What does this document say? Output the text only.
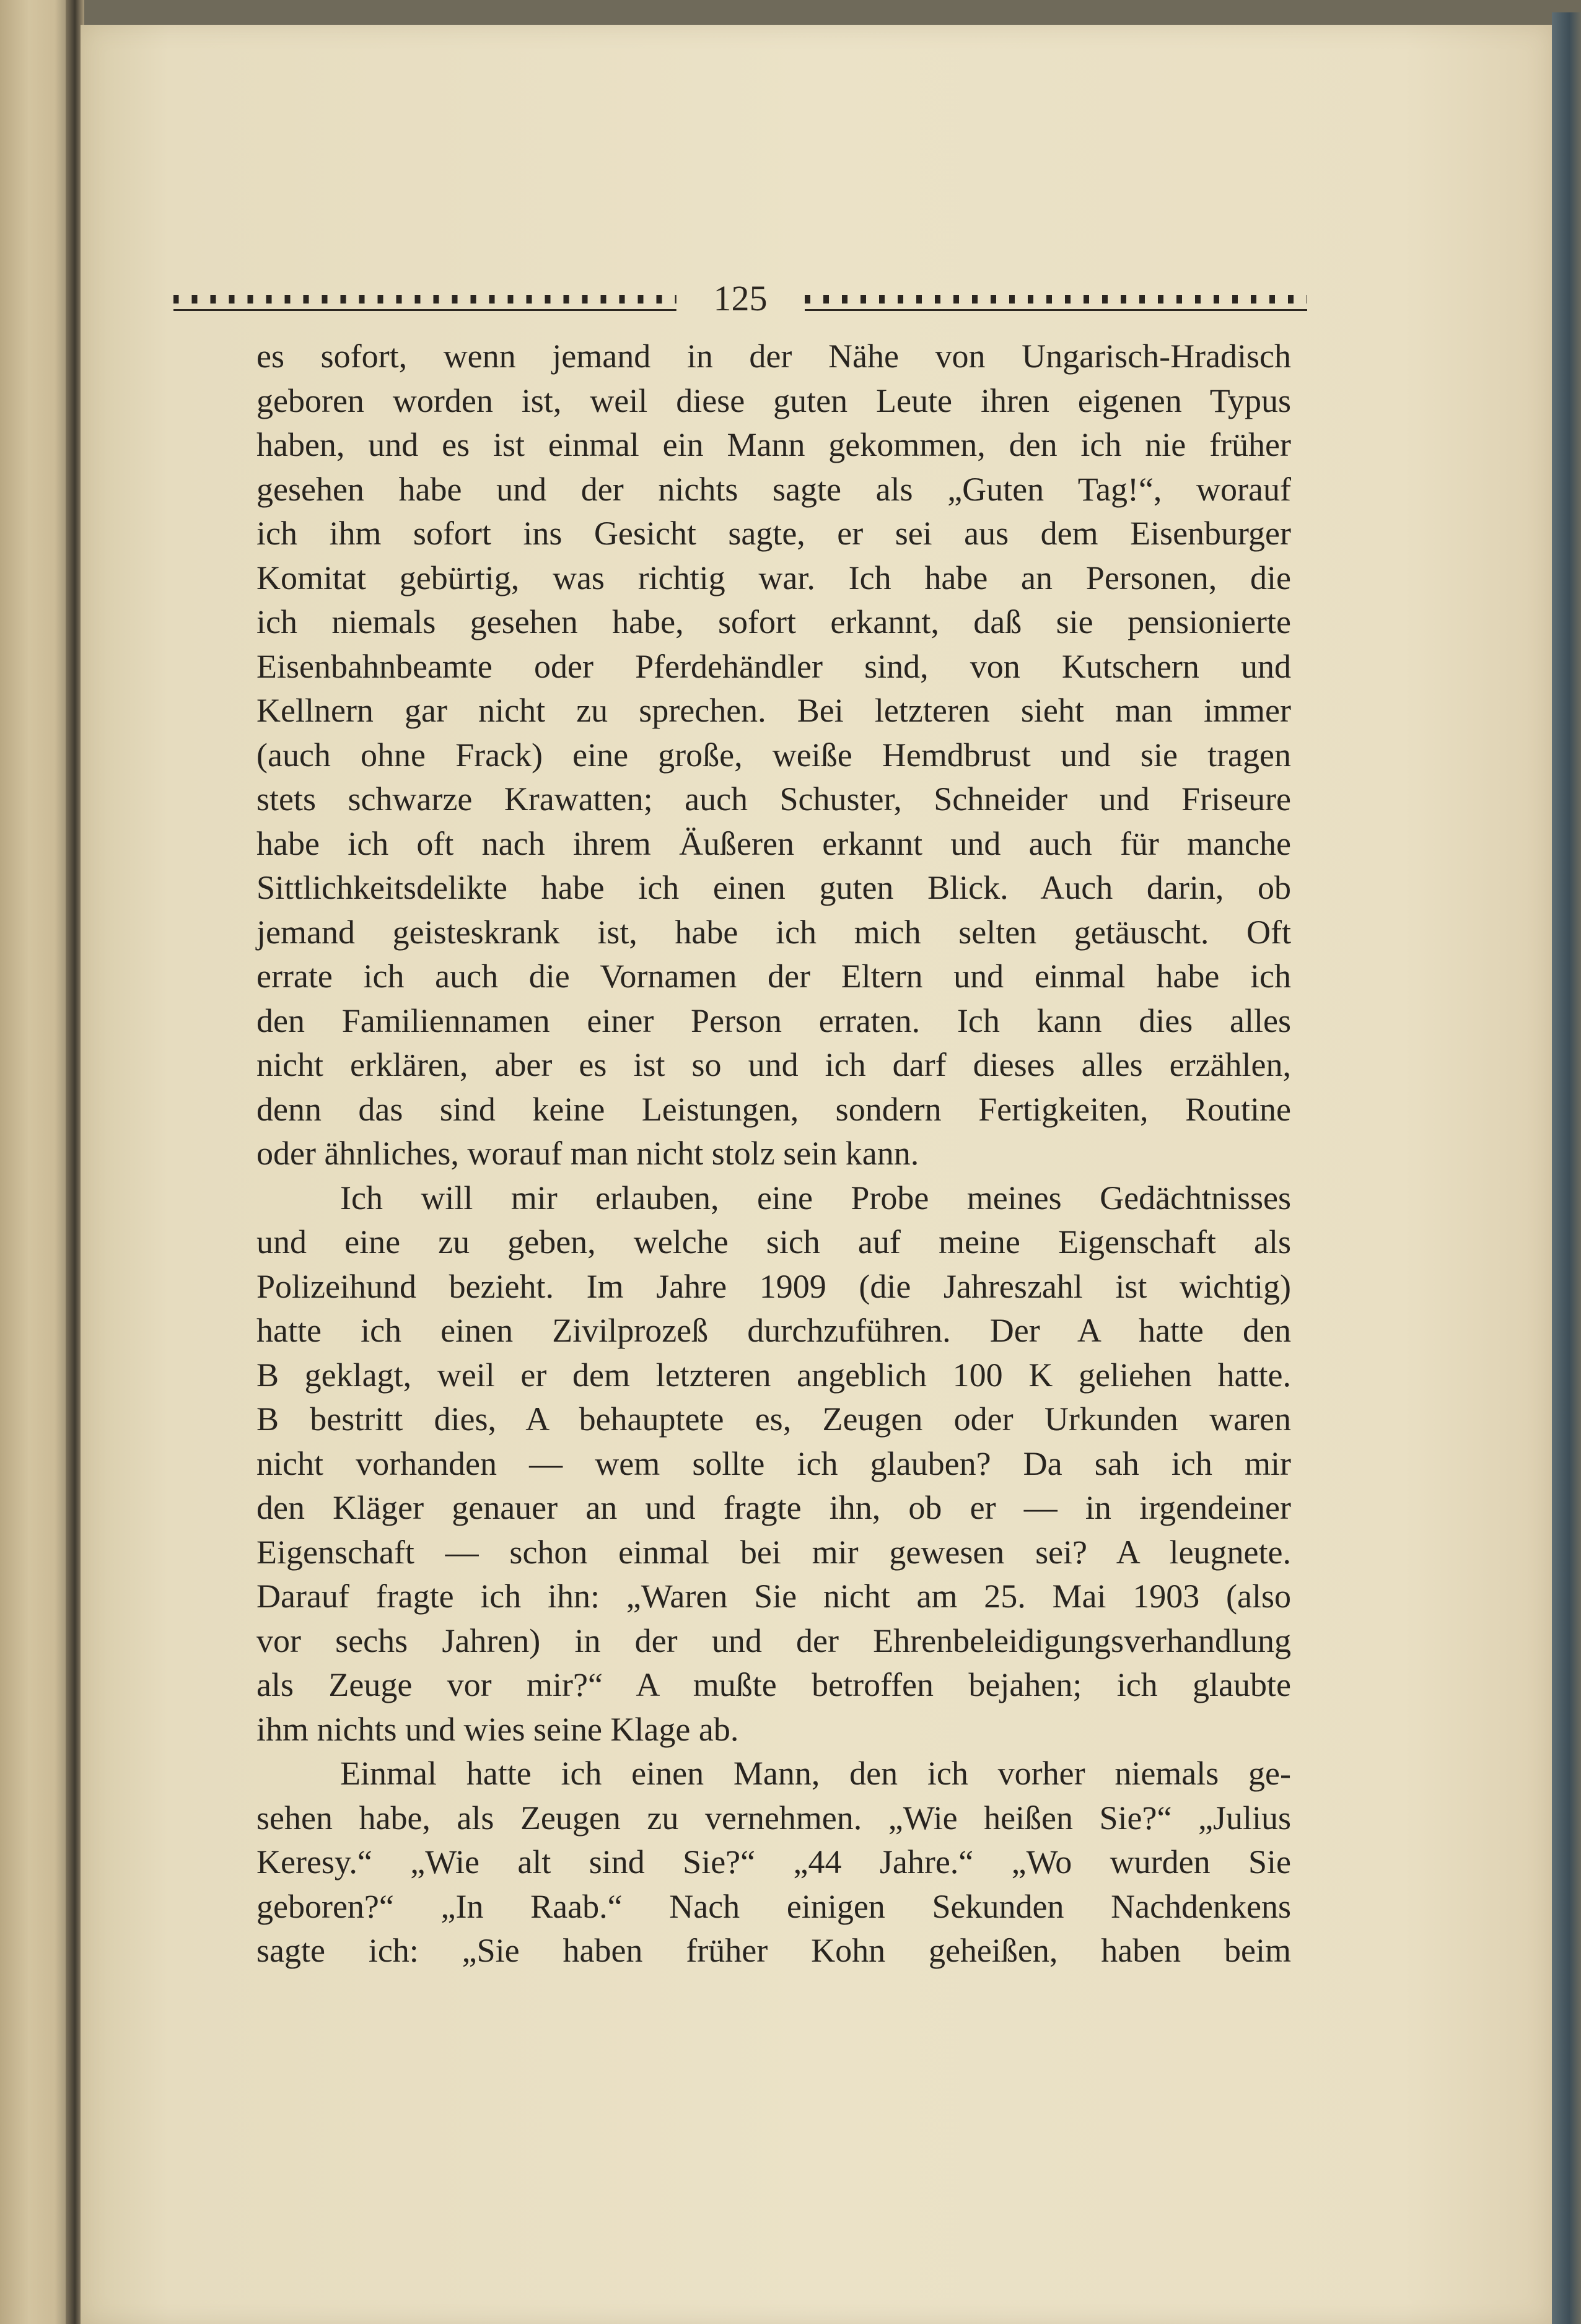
125
es sofort, wenn jemand in der Nähe von Ungarisch-Hradisch
geboren worden ist, weil diese guten Leute ihren eigenen Typus
haben, und es ist einmal ein Mann gekommen, den ich nie früher
gesehen habe und der nichts sagte als „Guten Tag!“, worauf
ich ihm sofort ins Gesicht sagte, er sei aus dem Eisenburger
Komitat gebürtig, was richtig war. Ich habe an Personen, die
ich niemals gesehen habe, sofort erkannt, daß sie pensionierte
Eisenbahnbeamte oder Pferdehändler sind, von Kutschern und
Kellnern gar nicht zu sprechen. Bei letzteren sieht man immer
(auch ohne Frack) eine große, weiße Hemdbrust und sie tragen
stets schwarze Krawatten; auch Schuster, Schneider und Friseure
habe ich oft nach ihrem Äußeren erkannt und auch für manche
Sittlichkeitsdelikte habe ich einen guten Blick. Auch darin, ob
jemand geisteskrank ist, habe ich mich selten getäuscht. Oft
errate ich auch die Vornamen der Eltern und einmal habe ich
den Familiennamen einer Person erraten. Ich kann dies alles
nicht erklären, aber es ist so und ich darf dieses alles erzählen,
denn das sind keine Leistungen, sondern Fertigkeiten, Routine
oder ähnliches, worauf man nicht stolz sein kann.
Ich will mir erlauben, eine Probe meines Gedächtnisses
und eine zu geben, welche sich auf meine Eigenschaft als
Polizeihund bezieht. Im Jahre 1909 (die Jahreszahl ist wichtig)
hatte ich einen Zivilprozeß durchzuführen. Der A hatte den
B geklagt, weil er dem letzteren angeblich 100 K geliehen hatte.
B bestritt dies, A behauptete es, Zeugen oder Urkunden waren
nicht vorhanden — wem sollte ich glauben? Da sah ich mir
den Kläger genauer an und fragte ihn, ob er — in irgendeiner
Eigenschaft — schon einmal bei mir gewesen sei? A leugnete.
Darauf fragte ich ihn: „Waren Sie nicht am 25. Mai 1903 (also
vor sechs Jahren) in der und der Ehrenbeleidigungsverhandlung
als Zeuge vor mir?“ A mußte betroffen bejahen; ich glaubte
ihm nichts und wies seine Klage ab.
Einmal hatte ich einen Mann, den ich vorher niemals ge-
sehen habe, als Zeugen zu vernehmen. „Wie heißen Sie?“ „Julius
Keresy.“ „Wie alt sind Sie?“ „44 Jahre.“ „Wo wurden Sie
geboren?“ „In Raab.“ Nach einigen Sekunden Nachdenkens
sagte ich: „Sie haben früher Kohn geheißen, haben beim
